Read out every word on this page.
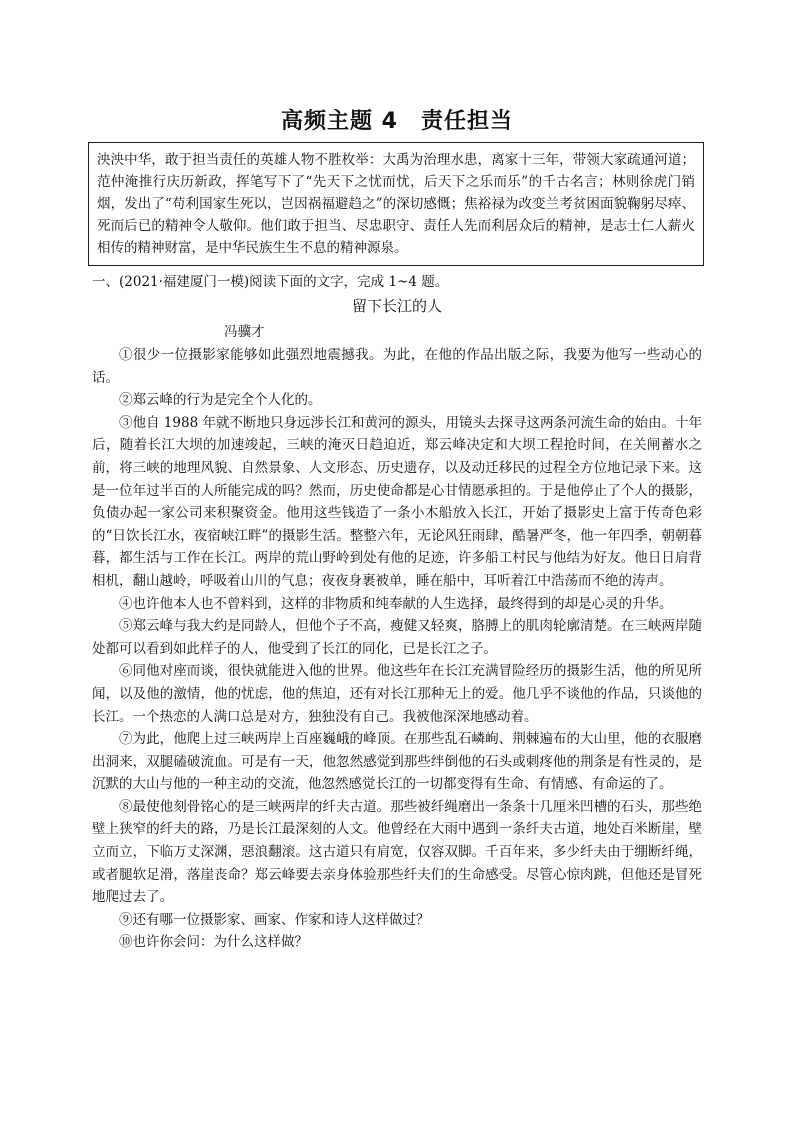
高频主题 4　责任担当

泱泱中华，敢于担当责任的英雄人物不胜枚举：大禹为治理水患，离家十三年，带领大家疏通河道；范仲淹推行庆历新政，挥笔写下了“先天下之忧而忧，后天下之乐而乐”的千古名言；林则徐虎门销烟，发出了“苟利国家生死以，岂因祸福避趋之”的深切感慨；焦裕禄为改变兰考贫困面貌鞠躬尽瘁、死而后已的精神令人敬仰。他们敢于担当、尽忠职守、责任人先而利居众后的精神，是志士仁人薪火相传的精神财富，是中华民族生生不息的精神源泉。

一、(2021·福建厦门一模)阅读下面的文字，完成 1~4 题。
留下长江的人
冯骥才

①很少一位摄影家能够如此强烈地震撼我。为此，在他的作品出版之际，我要为他写一些动心的话。

②郑云峰的行为是完全个人化的。

③他自 1988 年就不断地只身远涉长江和黄河的源头，用镜头去探寻这两条河流生命的始由。十年后，随着长江大坝的加速竣起，三峡的淹灭日趋迫近，郑云峰决定和大坝工程抢时间，在关闸蓄水之前，将三峡的地理风貌、自然景象、人文形态、历史遗存，以及动迁移民的过程全方位地记录下来。这是一位年过半百的人所能完成的吗？然而，历史使命都是心甘情愿承担的。于是他停止了个人的摄影，负债办起一家公司来积聚资金。他用这些钱造了一条小木船放入长江，开始了摄影史上富于传奇色彩的“日饮长江水，夜宿峡江畔”的摄影生活。整整六年，无论风狂雨肆，酷暑严冬，他一年四季，朝朝暮暮，都生活与工作在长江。两岸的荒山野岭到处有他的足迹，许多船工村民与他结为好友。他日日肩背相机，翻山越岭，呼吸着山川的气息；夜夜身裹被单，睡在船中，耳听着江中浩荡而不绝的涛声。

④也许他本人也不曾料到，这样的非物质和纯奉献的人生选择，最终得到的却是心灵的升华。

⑤郑云峰与我大约是同龄人，但他个子不高，瘦健又轻爽，胳膊上的肌肉轮廓清楚。在三峡两岸随处都可以看到如此样子的人，他受到了长江的同化，已是长江之子。

⑥同他对座而谈，很快就能进入他的世界。他这些年在长江充满冒险经历的摄影生活，他的所见所闻，以及他的激情，他的忧虑，他的焦迫，还有对长江那种无上的爱。他几乎不谈他的作品，只谈他的长江。一个热恋的人满口总是对方，独独没有自己。我被他深深地感动着。

⑦为此，他爬上过三峡两岸上百座巍峨的峰顶。在那些乱石嶙峋、荆棘遍布的大山里，他的衣服磨出洞来，双腿磕破流血。可是有一天，他忽然感觉到那些绊倒他的石头或刺疼他的荆条是有性灵的，是沉默的大山与他的一种主动的交流，他忽然感觉长江的一切都变得有生命、有情感、有命运的了。

⑧最使他刻骨铭心的是三峡两岸的纤夫古道。那些被纤绳磨出一条条十几厘米凹槽的石头，那些绝壁上狭窄的纤夫的路，乃是长江最深刻的人文。他曾经在大雨中遇到一条纤夫古道，地处百米断崖，壁立而立，下临万丈深渊，惡浪翻滚。这古道只有肩宽，仅容双脚。千百年来，多少纤夫由于绷断纤绳，或者腿软足滑，落崖丧命？郑云峰要去亲身体验那些纤夫们的生命感受。尽管心惊肉跳，但他还是冒死地爬过去了。

⑨还有哪一位摄影家、画家、作家和诗人这样做过？

⑩也许你会问：为什么这样做？
